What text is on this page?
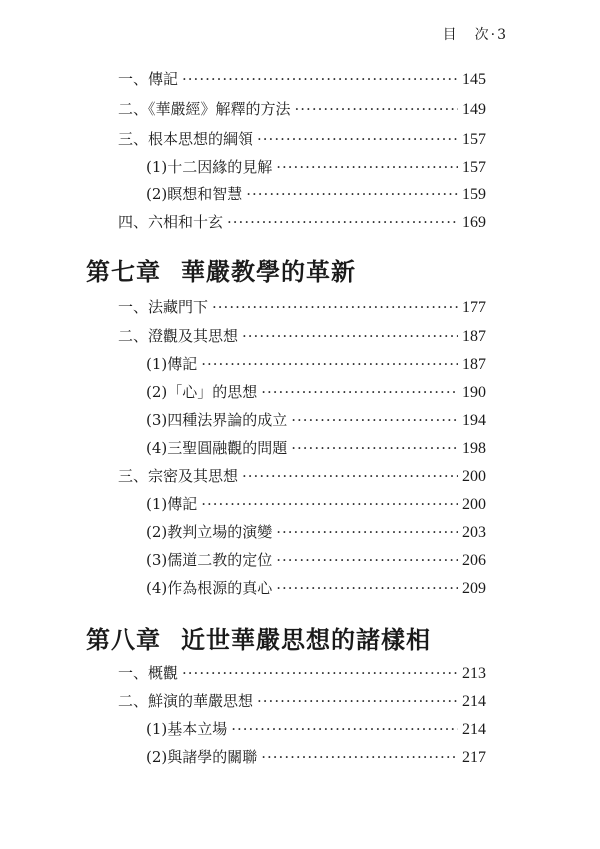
目　次·3
一、傳記 ·····	145
二、《華嚴經》解釋的方法 ·····	149
三、根本思想的綱領 ·····	157
(1)十二因緣的見解 ·····	157
(2)瞑想和智慧 ·····	159
四、六相和十玄 ·····	169
第七章 華嚴教學的革新
一、法藏門下 ·····	177
二、澄觀及其思想 ·····	187
(1)傳記 ·····	187
(2)「心」的思想 ·····	190
(3)四種法界論的成立 ·····	194
(4)三聖圓融觀的問題 ·····	198
三、宗密及其思想 ·····	200
(1)傳記 ·····	200
(2)教判立場的演變 ·····	203
(3)儒道二教的定位 ·····	206
(4)作為根源的真心 ·····	209
第八章 近世華嚴思想的諸樣相
一、概觀 ·····	213
二、鮮演的華嚴思想 ·····	214
(1)基本立場 ·····	214
(2)與諸學的關聯 ·····	217
